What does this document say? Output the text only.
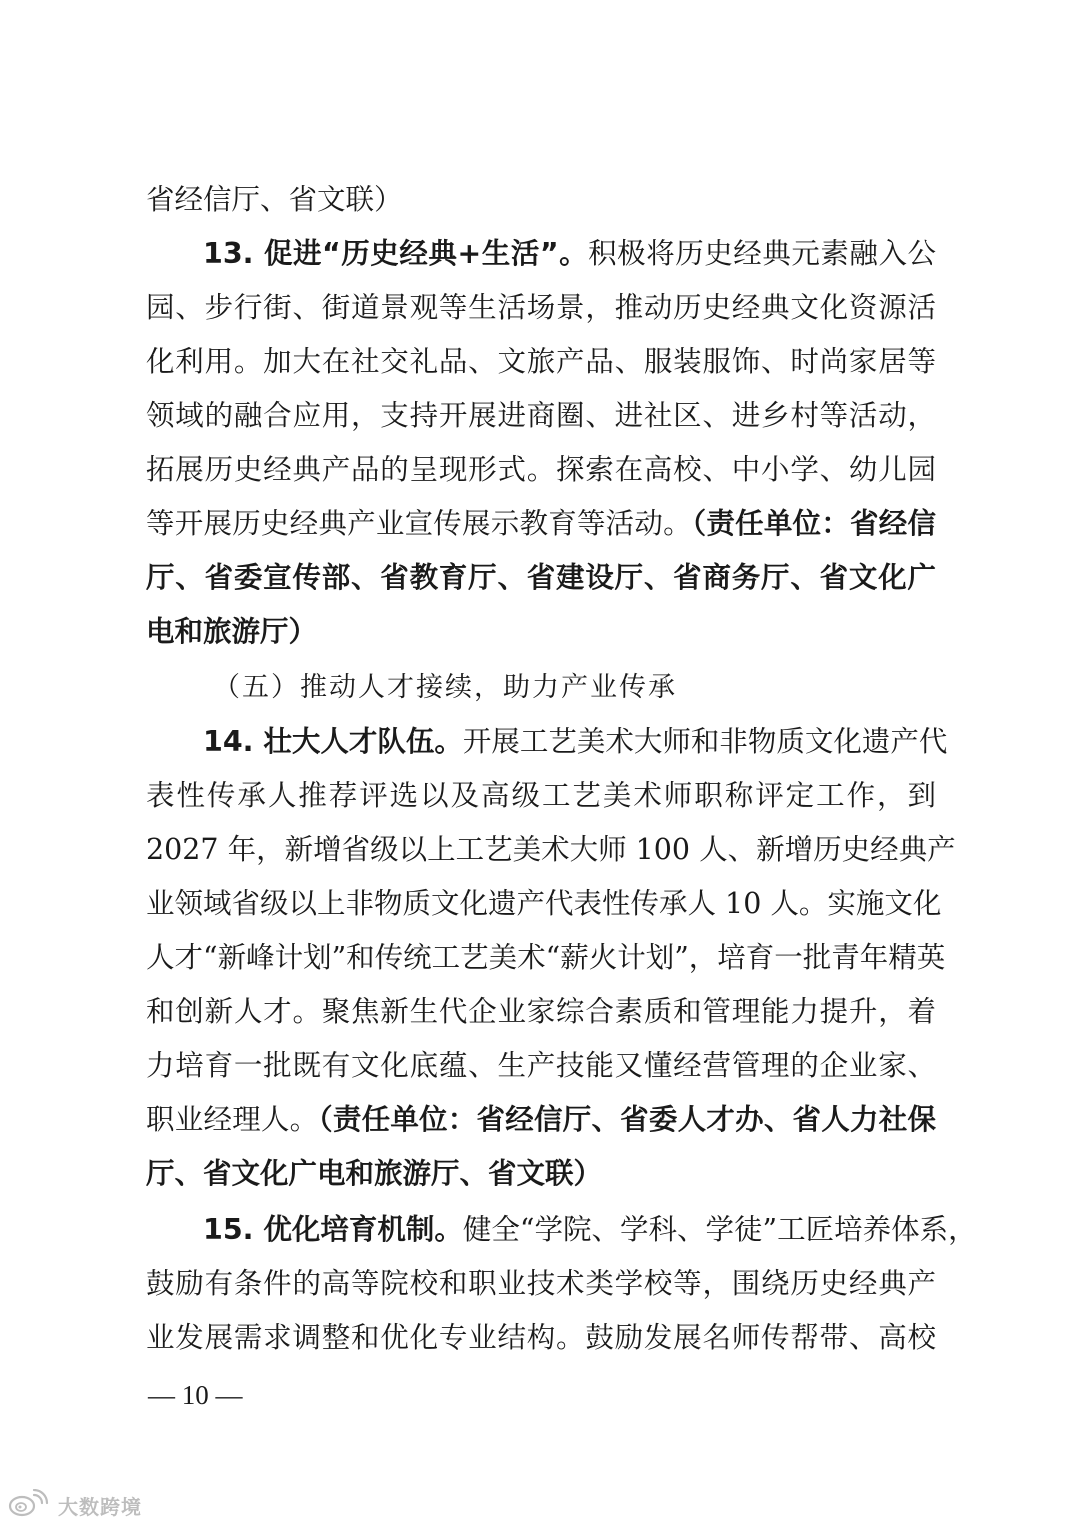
省经信厅、省文联）
13. 促进“历史经典+生活”。积极将历史经典元素融入公
园、步行街、街道景观等生活场景，推动历史经典文化资源活
化利用。加大在社交礼品、文旅产品、服装服饰、时尚家居等
领域的融合应用，支持开展进商圈、进社区、进乡村等活动，
拓展历史经典产品的呈现形式。探索在高校、中小学、幼儿园
等开展历史经典产业宣传展示教育等活动。（责任单位：省经信
厅、省委宣传部、省教育厅、省建设厅、省商务厅、省文化广
电和旅游厅）
（五）推动人才接续，助力产业传承
14. 壮大人才队伍。开展工艺美术大师和非物质文化遗产代
表性传承人推荐评选以及高级工艺美术师职称评定工作，到
2027 年，新增省级以上工艺美术大师 100 人、新增历史经典产
业领域省级以上非物质文化遗产代表性传承人 10 人。实施文化
人才“新峰计划”和传统工艺美术“薪火计划”，培育一批青年精英
和创新人才。聚焦新生代企业家综合素质和管理能力提升，着
力培育一批既有文化底蕴、生产技能又懂经营管理的企业家、
职业经理人。（责任单位：省经信厅、省委人才办、省人力社保
厅、省文化广电和旅游厅、省文联）
15. 优化培育机制。健全“学院、学科、学徒”工匠培养体系，
鼓励有条件的高等院校和职业技术类学校等，围绕历史经典产
业发展需求调整和优化专业结构。鼓励发展名师传帮带、高校
— 10 —
大数跨境
